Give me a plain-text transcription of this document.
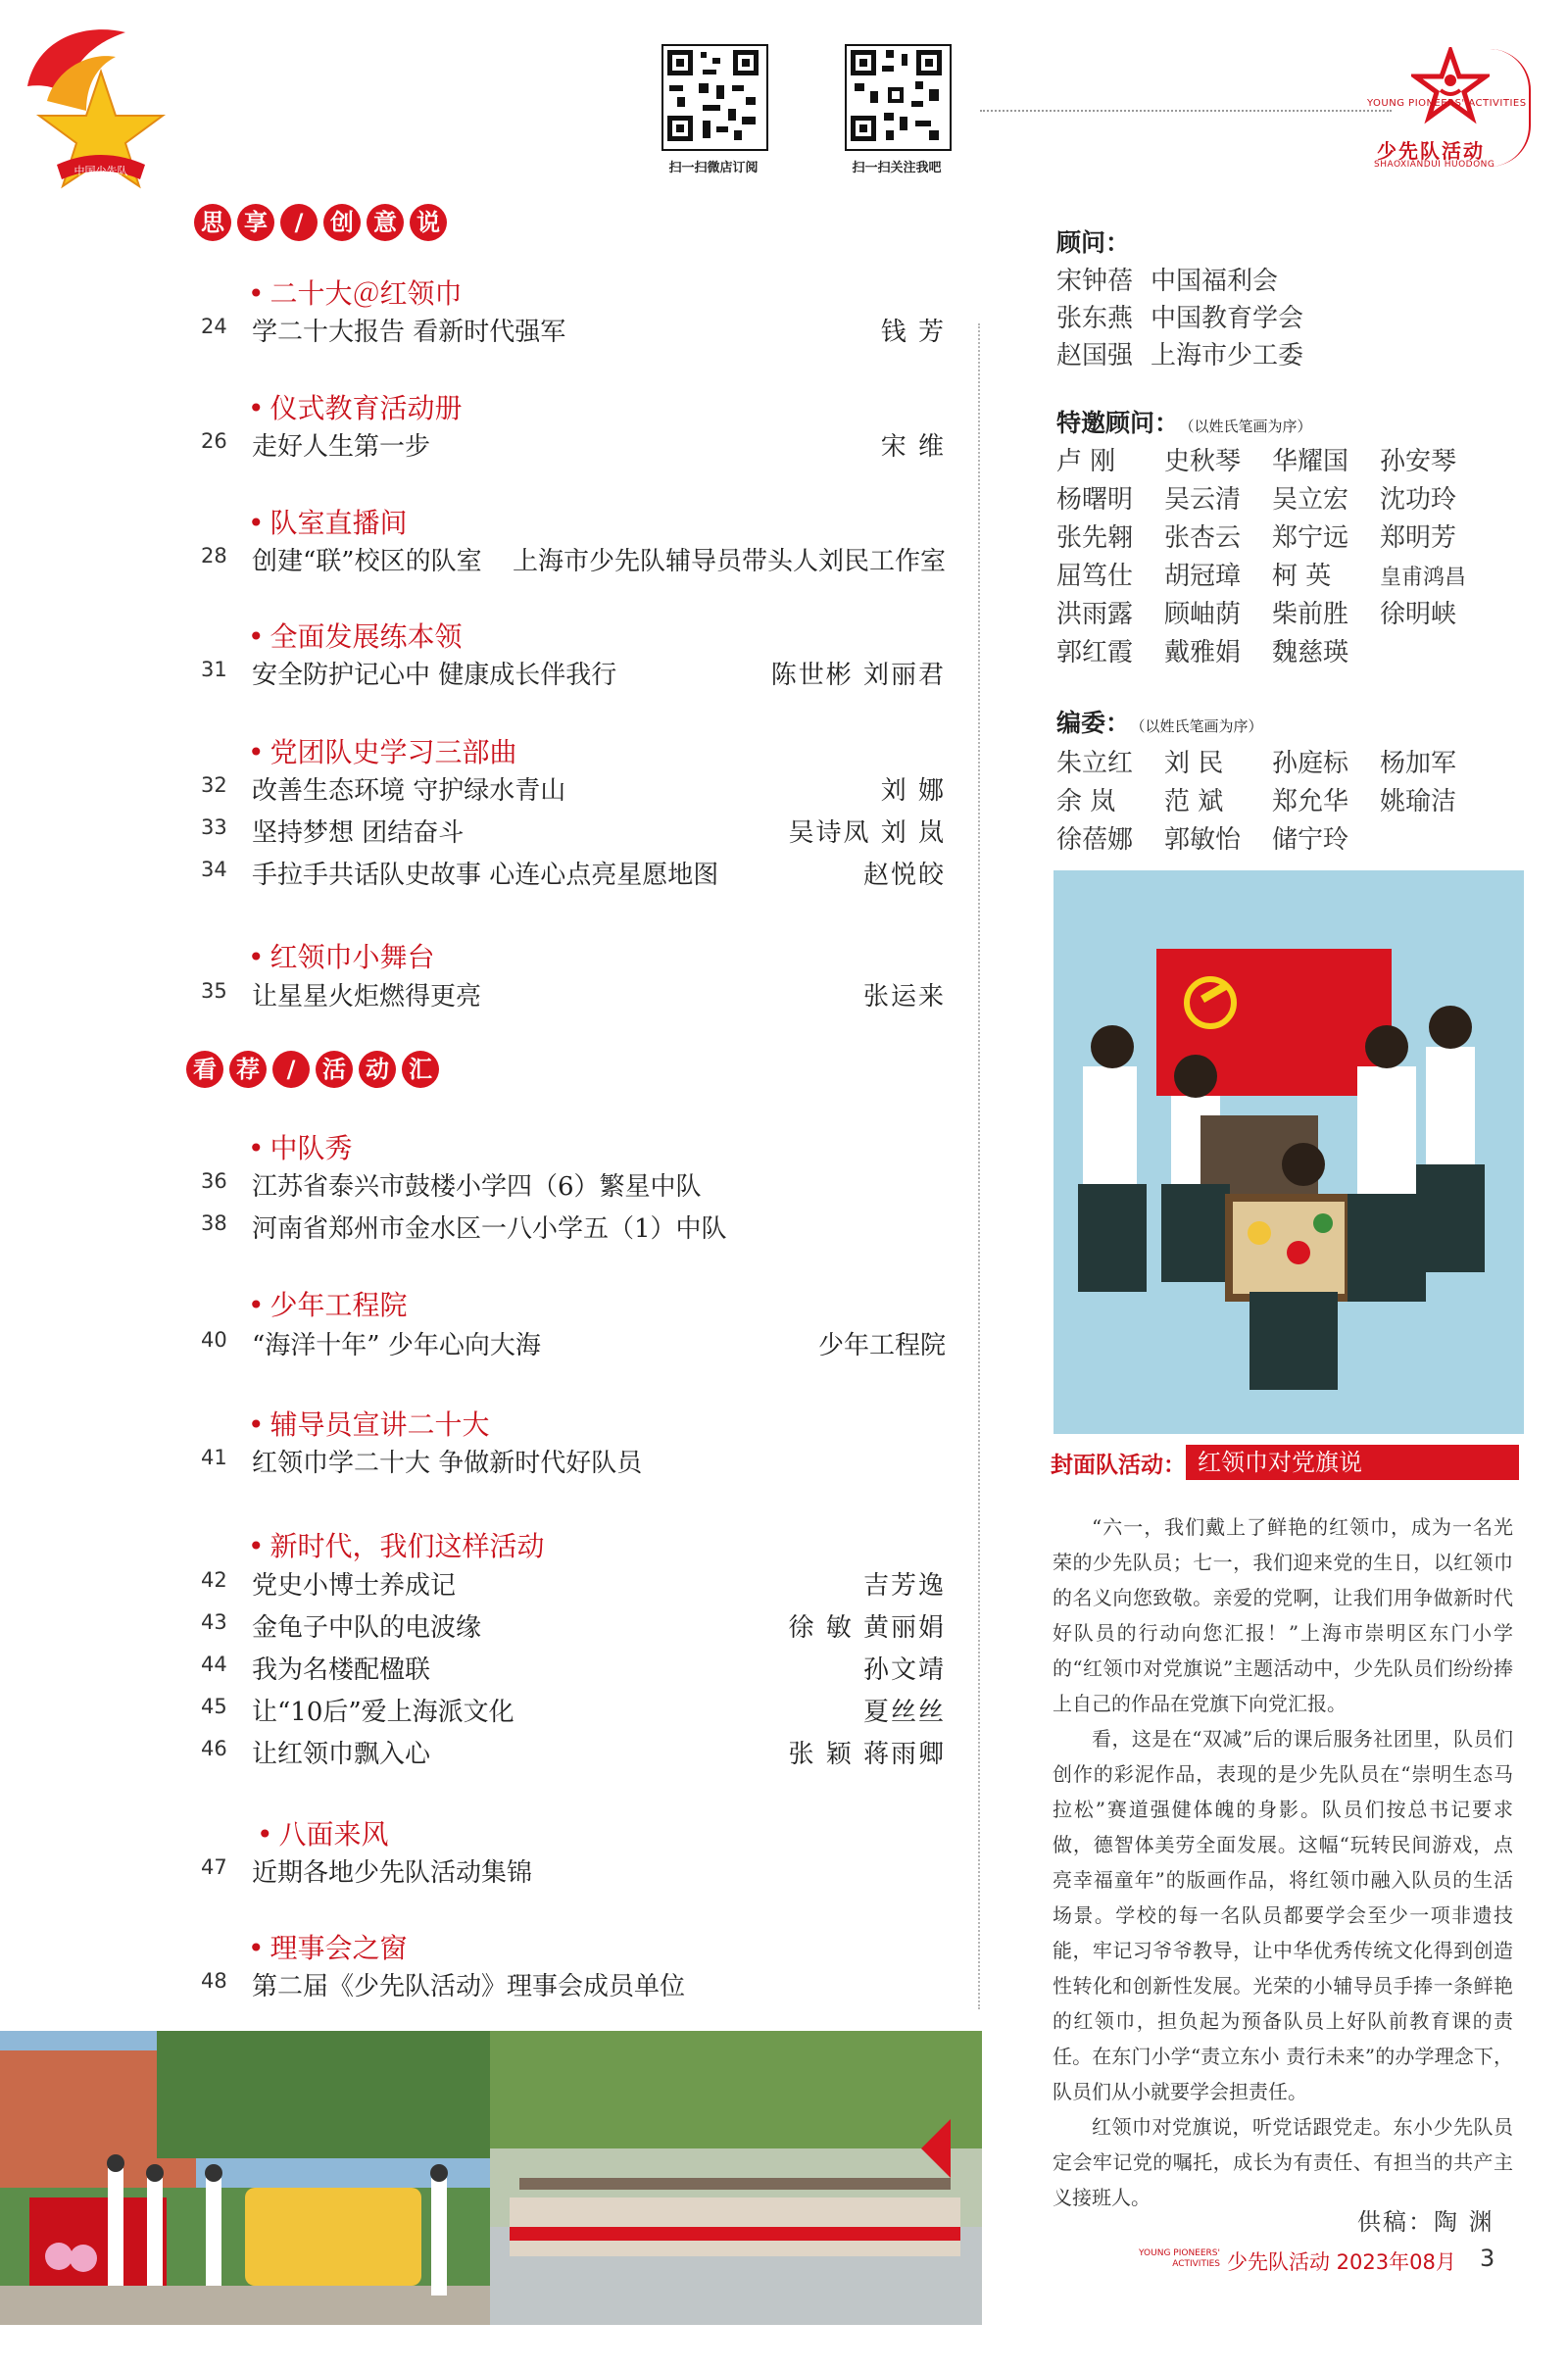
中国少先队	扫一扫微店订阅	扫一扫关注我吧
YOUNG PIONEERS' ACTIVITIES
少先队活动
SHAOXIANDUI HUODONG
思 享	/	创 意 说
• 二十大＠红领巾
24 学二十大报告 看新时代强军	钱 芳
• 仪式教育活动册
26 走好人生第一步	宋 维
• 队室直播间
28 创建“联”校区的队室 上海市少先队辅导员带头人刘民工作室
• 全面发展练本领
31 安全防护记心中 健康成长伴我行	陈世彬 刘丽君
• 党团队史学习三部曲
32 改善生态环境 守护绿水青山	刘 娜
33 坚持梦想 团结奋斗	吴诗凤 刘 岚
34 手拉手共话队史故事 心连心点亮星愿地图	赵悦皎
• 红领巾小舞台
35 让星星火炬燃得更亮	张运来
看 荐	/	活 动 汇
• 中队秀
36 江苏省泰兴市鼓楼小学四（6）繁星中队
38 河南省郑州市金水区一八小学五（1）中队
• 少年工程院
40 “海洋十年” 少年心向大海	少年工程院
• 辅导员宣讲二十大
41 红领巾学二十大 争做新时代好队员
• 新时代，我们这样活动
42 党史小博士养成记	吉芳逸
43 金龟子中队的电波缘	徐 敏 黄丽娟
44 我为名楼配楹联	孙文靖
45 让“10后”爱上海派文化	夏丝丝
46 让红领巾飘入心	张 颖 蒋雨卿
• 八面来风
47 近期各地少先队活动集锦
• 理事会之窗
48 第二届《少先队活动》理事会成员单位
顾问：
宋钟蓓 中国福利会
张东燕 中国教育学会
赵国强 上海市少工委
特邀顾问： （以姓氏笔画为序）
卢 刚 史秋琴 华耀国 孙安琴
杨曙明 吴云清 吴立宏 沈功玲
张先翱 张杏云 郑宁远 郑明芳
屈笃仕 胡冠璋 柯 英 皇甫鸿昌
洪雨露 顾岫荫 柴前胜 徐明峡
郭红霞 戴雅娟 魏慈瑛
编委： （以姓氏笔画为序）
朱立红 刘 民 孙庭标 杨加军
余 岚 范 斌 郑允华 姚瑜洁
徐蓓娜 郭敏怡 储宁玲
封面队活动： 红领巾对党旗说
“六一，我们戴上了鲜艳的红领巾，成为一名光荣的少先队员；七一，我们迎来党的生日，以红领巾的名义向您致敬。亲爱的党啊，让我们用争做新时代好队员的行动向您汇报！”上海市崇明区东门小学的“红领巾对党旗说”主题活动中，少先队员们纷纷捧上自己的作品在党旗下向党汇报。
看，这是在“双减”后的课后服务社团里，队员们创作的彩泥作品，表现的是少先队员在“崇明生态马拉松”赛道强健体魄的身影。队员们按总书记要求做，德智体美劳全面发展。这幅“玩转民间游戏，点亮幸福童年”的版画作品，将红领巾融入队员的生活场景。学校的每一名队员都要学会至少一项非遗技能，牢记习爷爷教导，让中华优秀传统文化得到创造性转化和创新性发展。光荣的小辅导员手捧一条鲜艳的红领巾，担负起为预备队员上好队前教育课的责任。在东门小学“责立东小 责行未来”的办学理念下，队员们从小就要学会担责任。
红领巾对党旗说，听党话跟党走。东小少先队员定会牢记党的嘱托，成长为有责任、有担当的共产主义接班人。
供稿：陶 渊
YOUNG PIONEERS' ACTIVITIES 少先队活动 2023年08月 3
